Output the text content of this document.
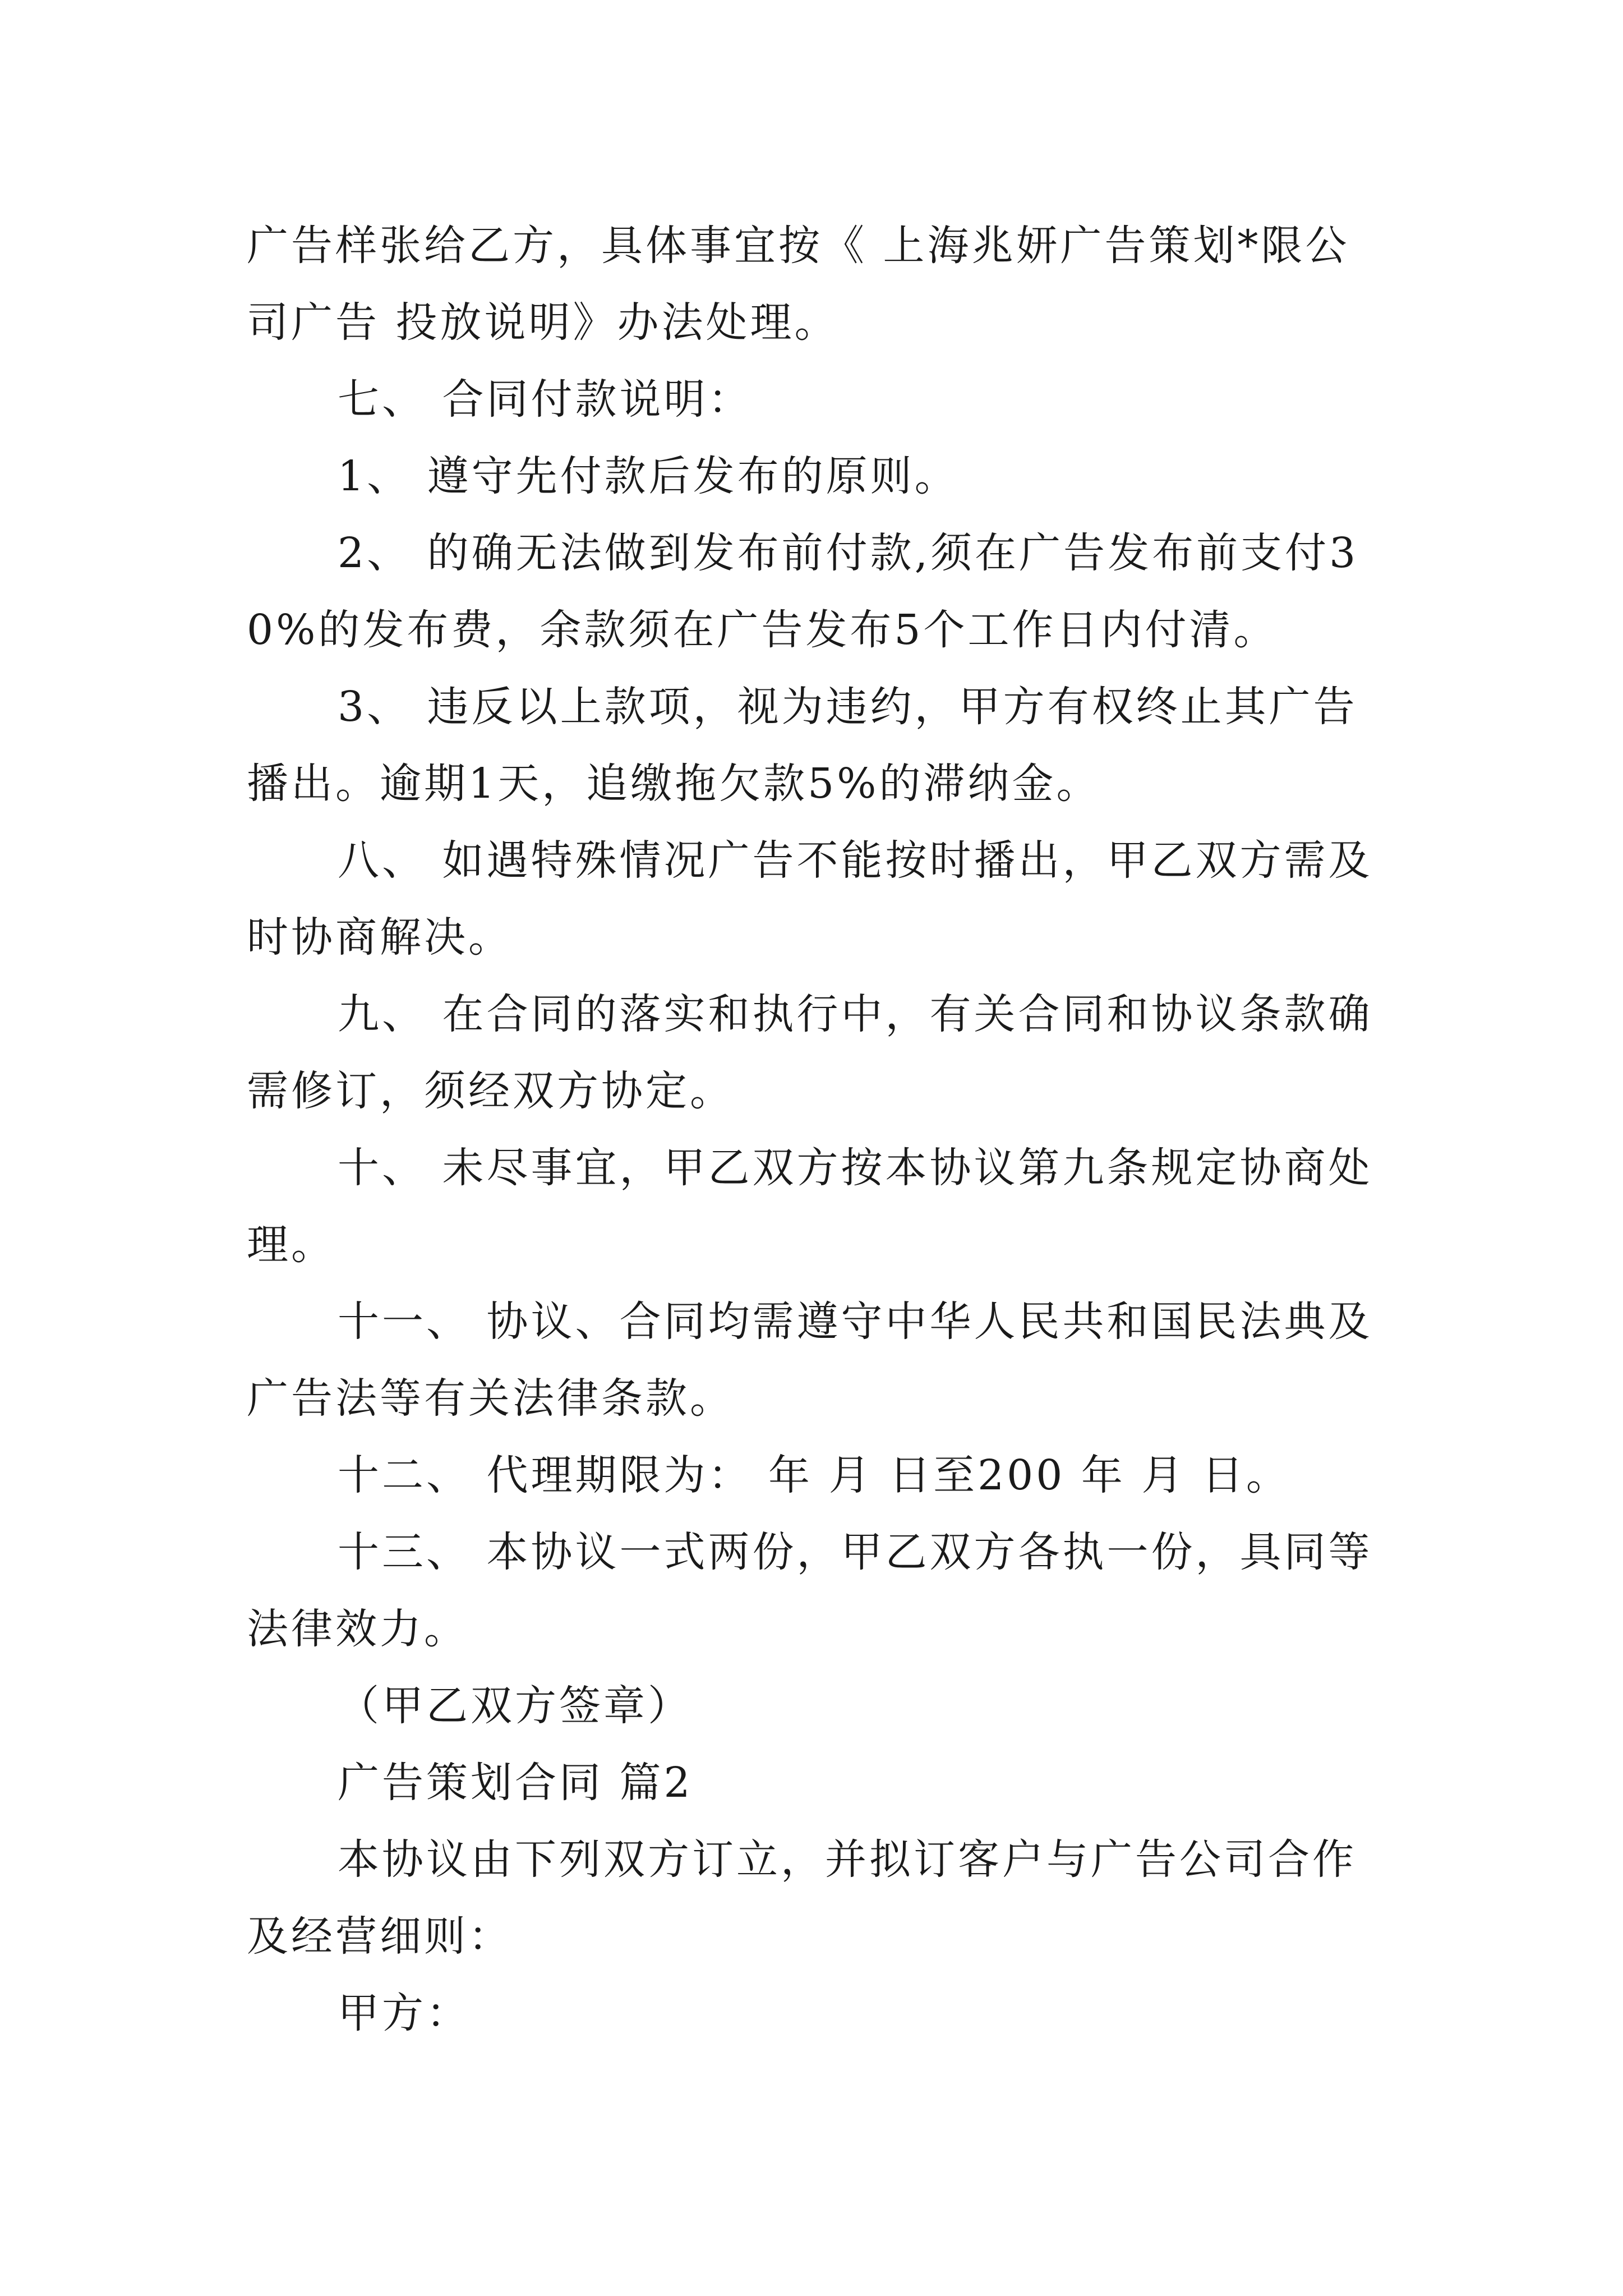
广告样张给乙方，具体事宜按《 上海兆妍广告策划*限公司广告 投放说明》办法处理。

七、 合同付款说明：

1、 遵守先付款后发布的原则。

2、 的确无法做到发布前付款,须在广告发布前支付30%的发布费，余款须在广告发布5个工作日内付清。

3、 违反以上款项，视为违约，甲方有权终止其广告播出。逾期1天，追缴拖欠款5%的滞纳金。

八、 如遇特殊情况广告不能按时播出，甲乙双方需及时协商解决。

九、 在合同的落实和执行中，有关合同和协议条款确需修订，须经双方协定。

十、 未尽事宜，甲乙双方按本协议第九条规定协商处理。

十一、 协议、合同均需遵守中华人民共和国民法典及广告法等有关法律条款。

十二、 代理期限为： 年 月 日至200 年 月 日。

十三、 本协议一式两份，甲乙双方各执一份，具同等法律效力。

（甲乙双方签章）

广告策划合同 篇2

本协议由下列双方订立，并拟订客户与广告公司合作及经营细则：

甲方：
